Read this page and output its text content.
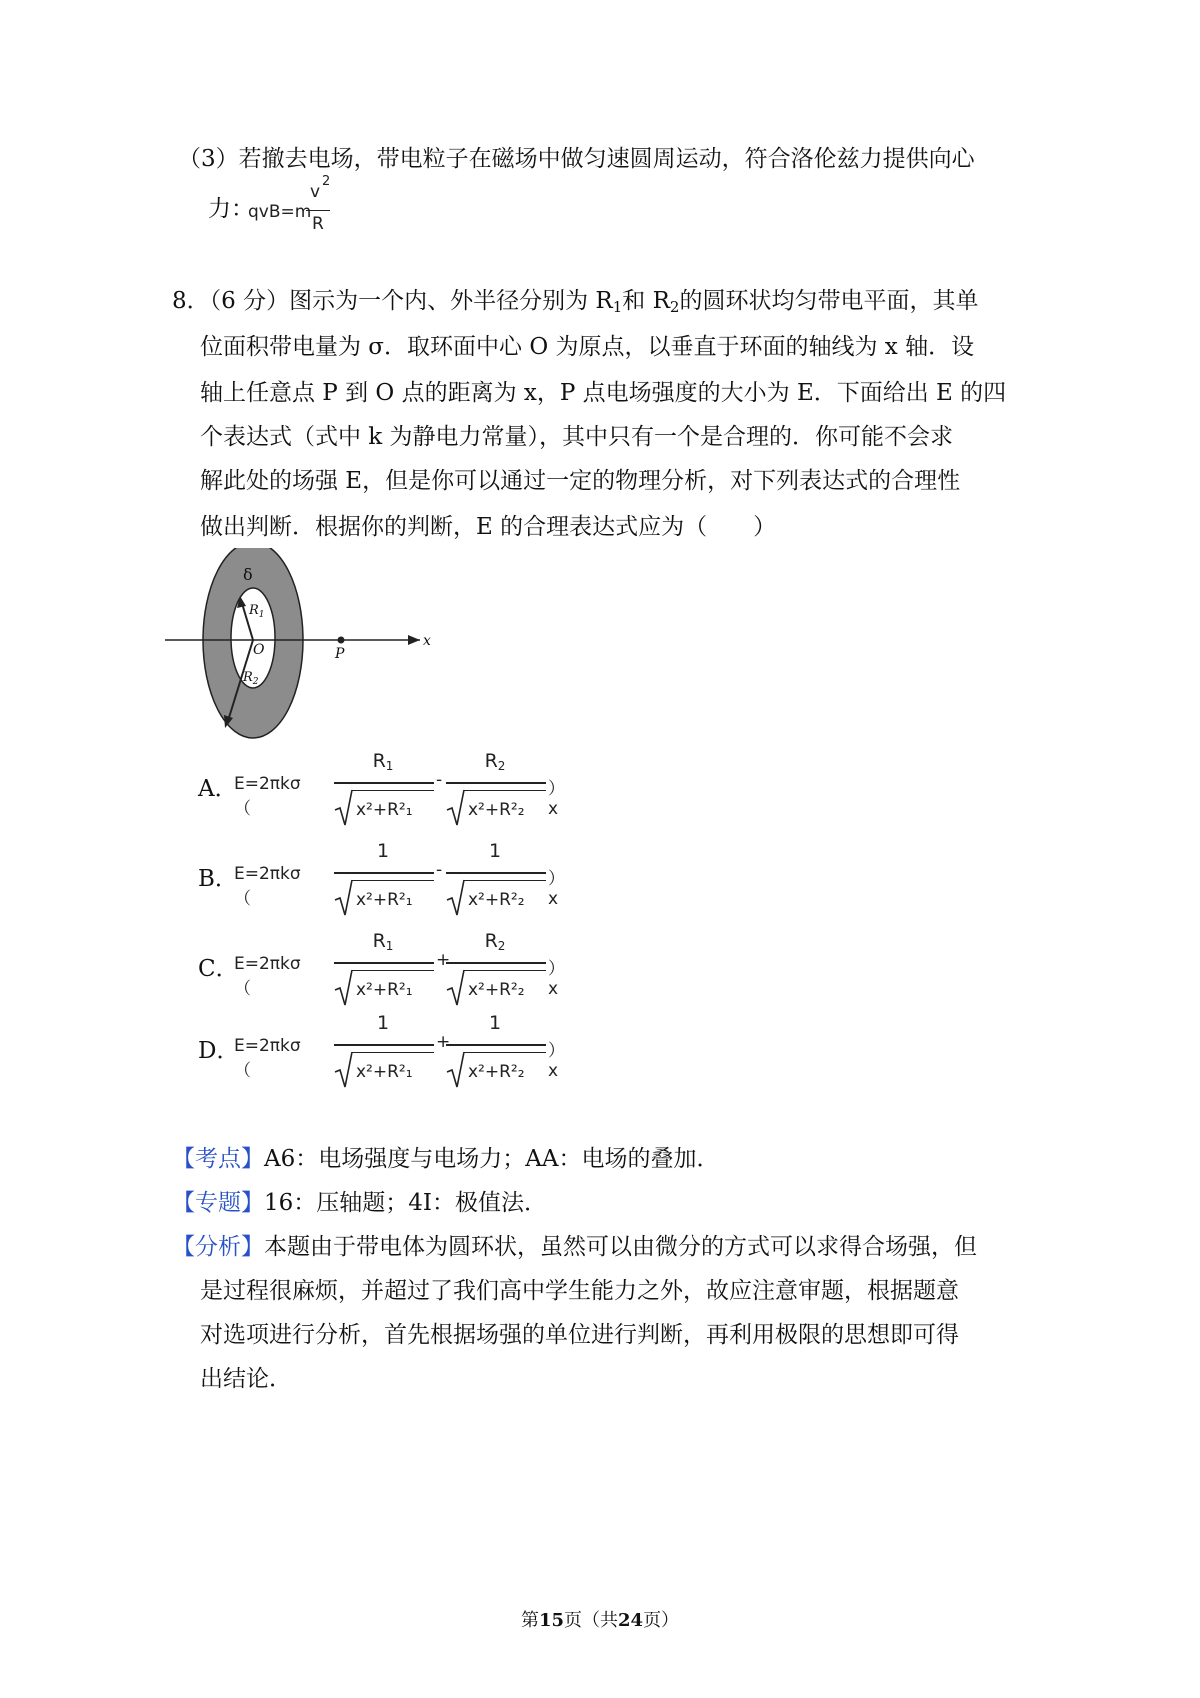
（3）若撤去电场，带电粒子在磁场中做匀速圆周运动，符合洛伦兹力提供向心
力：
qvB=m
v
2
R
8．（6 分）图示为一个内、外半径分别为 $R_1$和 $R_2$的圆环状均匀带电平面，其单
位面积带电量为 σ．取环面中心 O 为原点，以垂直于环面的轴线为 x 轴．设
轴上任意点 P 到 O 点的距离为 x，P 点电场强度的大小为 E．下面给出 E 的四
个表达式（式中 k 为静电力常量），其中只有一个是合理的．你可能不会求
解此处的场强 E，但是你可以通过一定的物理分析，对下列表达式的合理性
做出判断．根据你的判断，E 的合理表达式应为（　　）
δ
$R_1$
O
$R_2$
P
x
A．
E=2πkσ（
R1
x²+R²₁
-
R2
x²+R²₂
）x
B．
E=2πkσ（
1
x²+R²₁
-
1
x²+R²₂
）x
C．
E=2πkσ（
R1
x²+R²₁
+
R2
x²+R²₂
）x
D．
E=2πkσ（
1
x²+R²₁
+
1
x²+R²₂
）x
【考点】A6：电场强度与电场力；AA：电场的叠加．
【专题】16：压轴题；4I：极值法．
【分析】本题由于带电体为圆环状，虽然可以由微分的方式可以求得合场强，但
是过程很麻烦，并超过了我们高中学生能力之外，故应注意审题，根据题意
对选项进行分析，首先根据场强的单位进行判断，再利用极限的思想即可得
出结论．
第15页（共24页）
